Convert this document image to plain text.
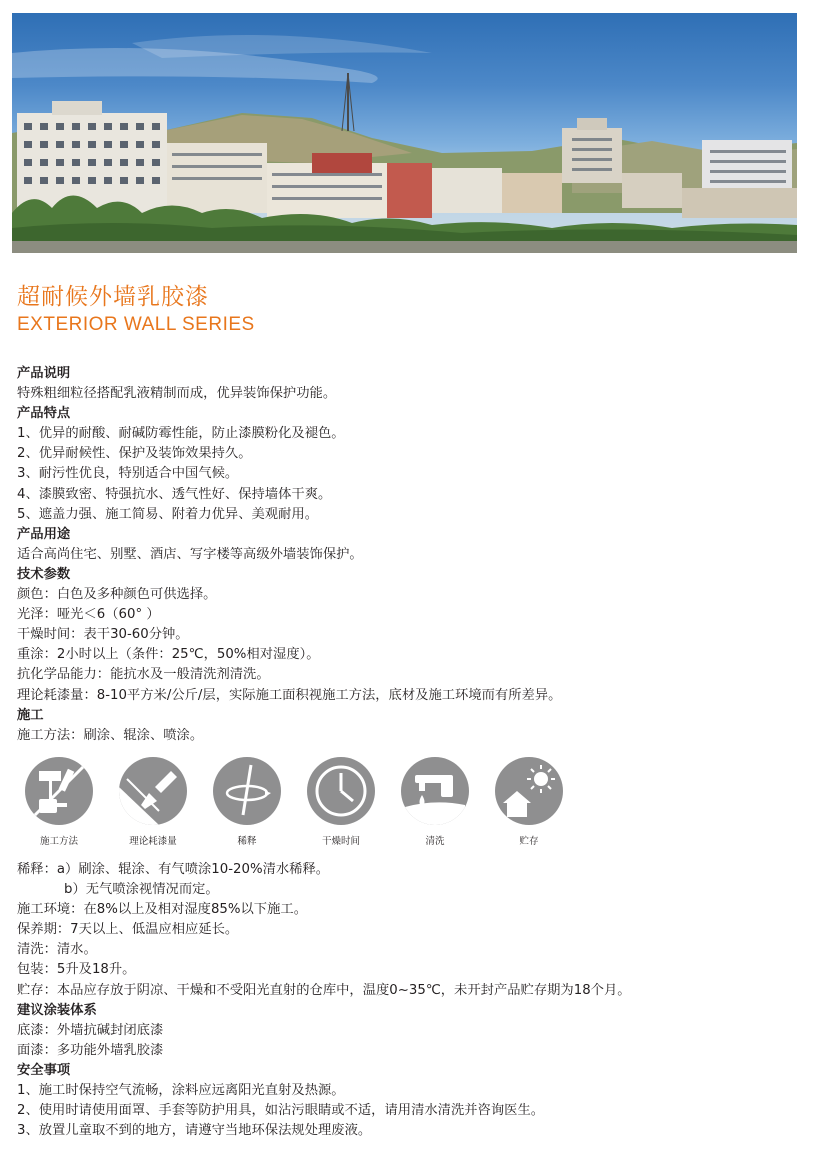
超耐候外墙乳胶漆
EXTERIOR WALL SERIES
产品说明
特殊粗细粒径搭配乳液精制而成，优异装饰保护功能。
产品特点
1、优异的耐酸、耐碱防霉性能，防止漆膜粉化及褪色。
2、优异耐候性、保护及装饰效果持久。
3、耐污性优良，特别适合中国气候。
4、漆膜致密、特强抗水、透气性好、保持墙体干爽。
5、遮盖力强、施工简易、附着力优异、美观耐用。
产品用途
适合高尚住宅、别墅、酒店、写字楼等高级外墙装饰保护。
技术参数
颜色：白色及多种颜色可供选择。
光泽：哑光＜6（60° ）
干燥时间：表干30-60分钟。
重涂：2小时以上（条件：25℃，50%相对湿度）。
抗化学品能力：能抗水及一般清洗剂清洗。
理论耗漆量：8-10平方米/公斤/层，实际施工面积视施工方法，底材及施工环境而有所差异。
施工
施工方法：刷涂、辊涂、喷涂。
施工方法	理论耗漆量	稀释	干燥时间	清洗	贮存
稀释：a）刷涂、辊涂、有气喷涂10-20%清水稀释。
b）无气喷涂视情况而定。
施工环境：在8%以上及相对湿度85%以下施工。
保养期：7天以上、低温应相应延长。
清洗：清水。
包装：5升及18升。
贮存：本品应存放于阴凉、干燥和不受阳光直射的仓库中，温度0~35℃，未开封产品贮存期为18个月。
建议涂装体系
底漆：外墙抗碱封闭底漆
面漆：多功能外墙乳胶漆
安全事项
1、施工时保持空气流畅，涂料应远离阳光直射及热源。
2、使用时请使用面罩、手套等防护用具，如沾污眼睛或不适，请用清水清洗并咨询医生。
3、放置儿童取不到的地方，请遵守当地环保法规处理废液。
